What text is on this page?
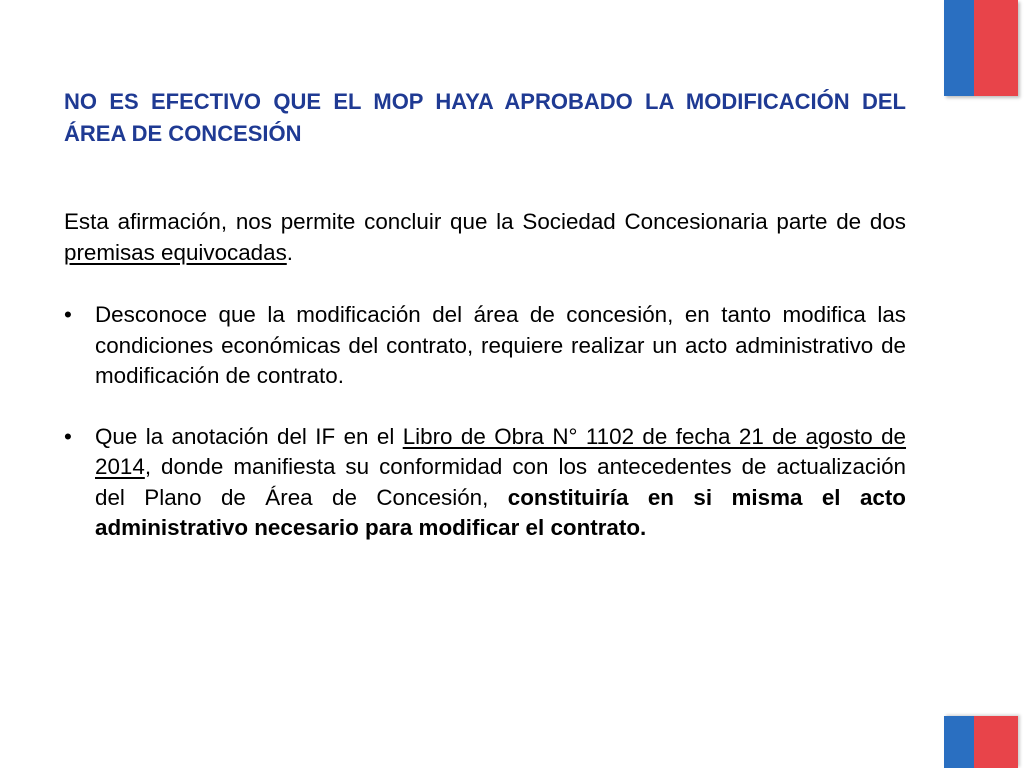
NO ES EFECTIVO QUE EL MOP HAYA APROBADO LA MODIFICACIÓN DEL ÁREA DE CONCESIÓN

Esta afirmación, nos permite concluir que la Sociedad Concesionaria parte de dos premisas equivocadas.

• Desconoce que la modificación del área de concesión, en tanto modifica las condiciones económicas del contrato, requiere realizar un acto administrativo de modificación de contrato.
• Que la anotación del IF en el Libro de Obra N° 1102 de fecha 21 de agosto de 2014, donde manifiesta su conformidad con los antecedentes de actualización del Plano de Área de Concesión, constituiría en si misma el acto administrativo necesario para modificar el contrato.
